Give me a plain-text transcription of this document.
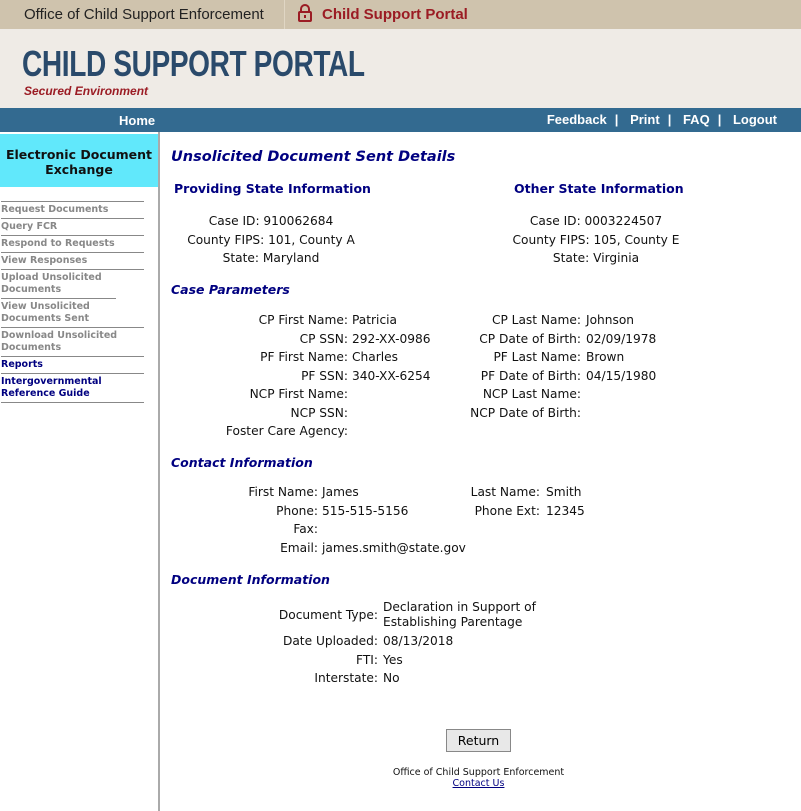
Office of Child Support Enforcement	Child Support Portal
CHILD SUPPORT PORTAL
Secured Environment
Home	Feedback | Print | FAQ | Logout
Electronic Document Exchange
Request Documents
Query FCR
Respond to Requests
View Responses
Upload Unsolicited Documents
View Unsolicited Documents Sent
Download Unsolicited Documents
Reports
Intergovernmental Reference Guide
Unsolicited Document Sent Details
Providing State Information	Other State Information
Case ID: 910062684
County FIPS: 101, County A
State: Maryland
Case ID: 0003224507
County FIPS: 105, County E
State: Virginia
Case Parameters
CP First Name: Patricia
CP SSN: 292-XX-0986
PF First Name: Charles
PF SSN: 340-XX-6254
NCP First Name:
NCP SSN:
Foster Care Agency:
CP Last Name: Johnson
CP Date of Birth: 02/09/1978
PF Last Name: Brown
PF Date of Birth: 04/15/1980
NCP Last Name:
NCP Date of Birth:
Contact Information
First Name: James
Phone: 515-515-5156
Fax:
Email: james.smith@state.gov
Last Name: Smith
Phone Ext: 12345
Document Information
Document Type:
Declaration in Support of Establishing Parentage
Date Uploaded: 08/13/2018
FTI: Yes
Interstate: No
Return
Office of Child Support Enforcement
Contact Us
